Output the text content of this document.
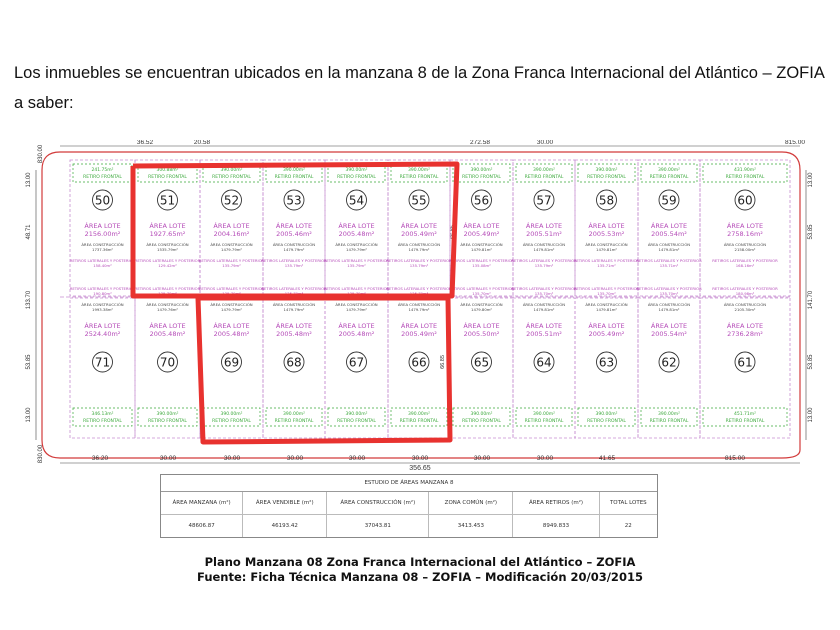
Los inmuebles se encuentran ubicados en la manzana 8 de la Zona Franca Internacional del Atlántico – ZOFIA a saber:
36.52	20.58	272.58	30.00	815.00
36.20	30.00	30.00	30.00	30.00	30.00	30.00	30.00	41.65	815.00
356.65
830.00
13.00
48.71
133.70
53.85
13.00
830.00
13.00
53.85
141.70
53.85
13.00
66.85
66.85
241.75m²
RETIRO FRONTAL
50
ÁREA LOTE
2156.00m²
ÁREA CONSTRUCCIÓN
1737.36m²
RETIROS LATERALES Y POSTERIOR
158.40m²
300.88m²
RETIRO FRONTAL
51
ÁREA LOTE
1927.65m²
ÁREA CONSTRUCCIÓN
1535.79m²
RETIROS LATERALES Y POSTERIOR
129.42m²
390.00m²
RETIRO FRONTAL
52
ÁREA LOTE
2004.16m²
ÁREA CONSTRUCCIÓN
1479.79m²
RETIROS LATERALES Y POSTERIOR
135.79m²
390.00m²
RETIRO FRONTAL
53
ÁREA LOTE
2005.46m²
ÁREA CONSTRUCCIÓN
1479.79m²
RETIROS LATERALES Y POSTERIOR
135.79m²
390.00m²
RETIRO FRONTAL
54
ÁREA LOTE
2005.48m²
ÁREA CONSTRUCCIÓN
1479.79m²
RETIROS LATERALES Y POSTERIOR
135.79m²
390.00m²
RETIRO FRONTAL
55
ÁREA LOTE
2005.49m²
ÁREA CONSTRUCCIÓN
1479.79m²
RETIROS LATERALES Y POSTERIOR
135.79m²
390.00m²
RETIRO FRONTAL
56
ÁREA LOTE
2005.49m²
ÁREA CONSTRUCCIÓN
1479.81m²
RETIROS LATERALES Y POSTERIOR
135.08m²
390.00m²
RETIRO FRONTAL
57
ÁREA LOTE
2005.51m²
ÁREA CONSTRUCCIÓN
1479.81m²
RETIROS LATERALES Y POSTERIOR
135.79m²
390.00m²
RETIRO FRONTAL
58
ÁREA LOTE
2005.53m²
ÁREA CONSTRUCCIÓN
1479.81m²
RETIROS LATERALES Y POSTERIOR
135.71m²
390.00m²
RETIRO FRONTAL
59
ÁREA LOTE
2005.54m²
ÁREA CONSTRUCCIÓN
1479.81m²
RETIROS LATERALES Y POSTERIOR
135.71m²
431.90m²
RETIRO FRONTAL
60
ÁREA LOTE
2758.16m²
ÁREA CONSTRUCCIÓN
2158.00m²
RETIROS LATERALES Y POSTERIOR
168.16m²
346.13m²
RETIRO FRONTAL
71
ÁREA LOTE
2524.40m²
ÁREA CONSTRUCCIÓN
1993.38m²
RETIROS LATERALES Y POSTERIOR
190.80m²
390.00m²
RETIRO FRONTAL
70
ÁREA LOTE
2005.48m²
ÁREA CONSTRUCCIÓN
1479.76m²
RETIROS LATERALES Y POSTERIOR
135.79m²
390.00m²
RETIRO FRONTAL
69
ÁREA LOTE
2005.48m²
ÁREA CONSTRUCCIÓN
1479.79m²
RETIROS LATERALES Y POSTERIOR
135.79m²
390.00m²
RETIRO FRONTAL
68
ÁREA LOTE
2005.48m²
ÁREA CONSTRUCCIÓN
1479.79m²
RETIROS LATERALES Y POSTERIOR
135.79m²
390.00m²
RETIRO FRONTAL
67
ÁREA LOTE
2005.48m²
ÁREA CONSTRUCCIÓN
1479.79m²
RETIROS LATERALES Y POSTERIOR
135.79m²
390.00m²
RETIRO FRONTAL
66
ÁREA LOTE
2005.49m²
ÁREA CONSTRUCCIÓN
1479.79m²
RETIROS LATERALES Y POSTERIOR
135.79m²
390.00m²
RETIRO FRONTAL
65
ÁREA LOTE
2005.50m²
ÁREA CONSTRUCCIÓN
1479.80m²
RETIROS LATERALES Y POSTERIOR
135.70m²
390.00m²
RETIRO FRONTAL
64
ÁREA LOTE
2005.51m²
ÁREA CONSTRUCCIÓN
1479.81m²
RETIROS LATERALES Y POSTERIOR
135.70m²
390.00m²
RETIRO FRONTAL
63
ÁREA LOTE
2005.49m²
ÁREA CONSTRUCCIÓN
1479.81m²
RETIROS LATERALES Y POSTERIOR
135.70m²
390.00m²
RETIRO FRONTAL
62
ÁREA LOTE
2005.54m²
ÁREA CONSTRUCCIÓN
1479.81m²
RETIROS LATERALES Y POSTERIOR
135.70m²
451.71m²
RETIRO FRONTAL
61
ÁREA LOTE
2736.28m²
ÁREA CONSTRUCCIÓN
2105.30m²
RETIROS LATERALES Y POSTERIOR
180.98m²
ESTUDIO DE ÁREAS MANZANA 8
ÁREA MANZANA (m²)	ÁREA VENDIBLE (m²)	ÁREA CONSTRUCCIÓN (m²)	ZONA COMÚN (m²)	ÁREA RETIROS (m²)	TOTAL LOTES
48606.87	46193.42	37043.81	3413.453	8949.833	22
Plano Manzana 08 Zona Franca Internacional del Atlántico – ZOFIA
Fuente: Ficha Técnica Manzana 08 – ZOFIA – Modificación 20/03/2015
